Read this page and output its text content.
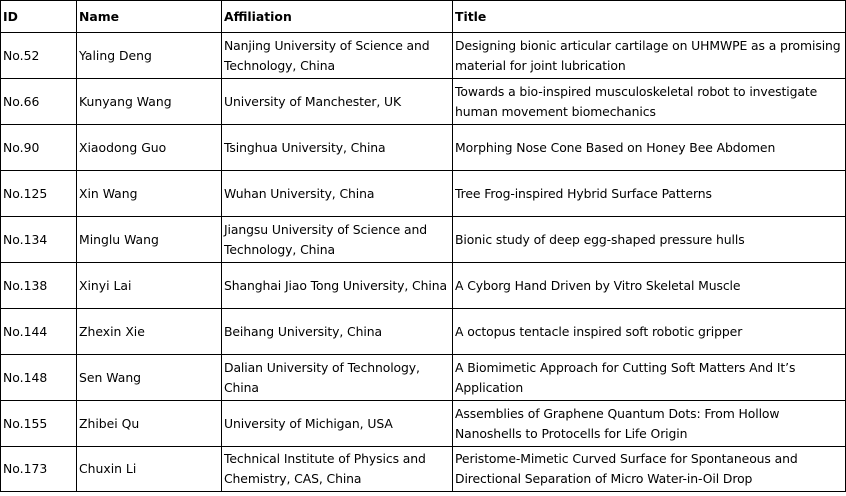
ID	Name	Affiliation	Title
No.52	Yaling Deng	Nanjing University of Science and Technology, China	Designing bionic articular cartilage on UHMWPE as a promising material for joint lubrication
No.66	Kunyang Wang	University of Manchester, UK	Towards a bio-inspired musculoskeletal robot to investigate human movement biomechanics
No.90	Xiaodong Guo	Tsinghua University, China	Morphing Nose Cone Based on Honey Bee Abdomen
No.125	Xin Wang	Wuhan University, China	Tree Frog-inspired Hybrid Surface Patterns
No.134	Minglu Wang	Jiangsu University of Science and Technology, China	Bionic study of deep egg-shaped pressure hulls
No.138	Xinyi Lai	Shanghai Jiao Tong University, China	A Cyborg Hand Driven by Vitro Skeletal Muscle
No.144	Zhexin Xie	Beihang University, China	A octopus tentacle inspired soft robotic gripper
No.148	Sen Wang	Dalian University of Technology, China	A Biomimetic Approach for Cutting Soft Matters And It’s Application
No.155	Zhibei Qu	University of Michigan, USA	Assemblies of Graphene Quantum Dots: From Hollow Nanoshells to Protocells for Life Origin
No.173	Chuxin Li	Technical Institute of Physics and Chemistry, CAS, China	Peristome-Mimetic Curved Surface for Spontaneous and Directional Separation of Micro Water-in-Oil Drop
